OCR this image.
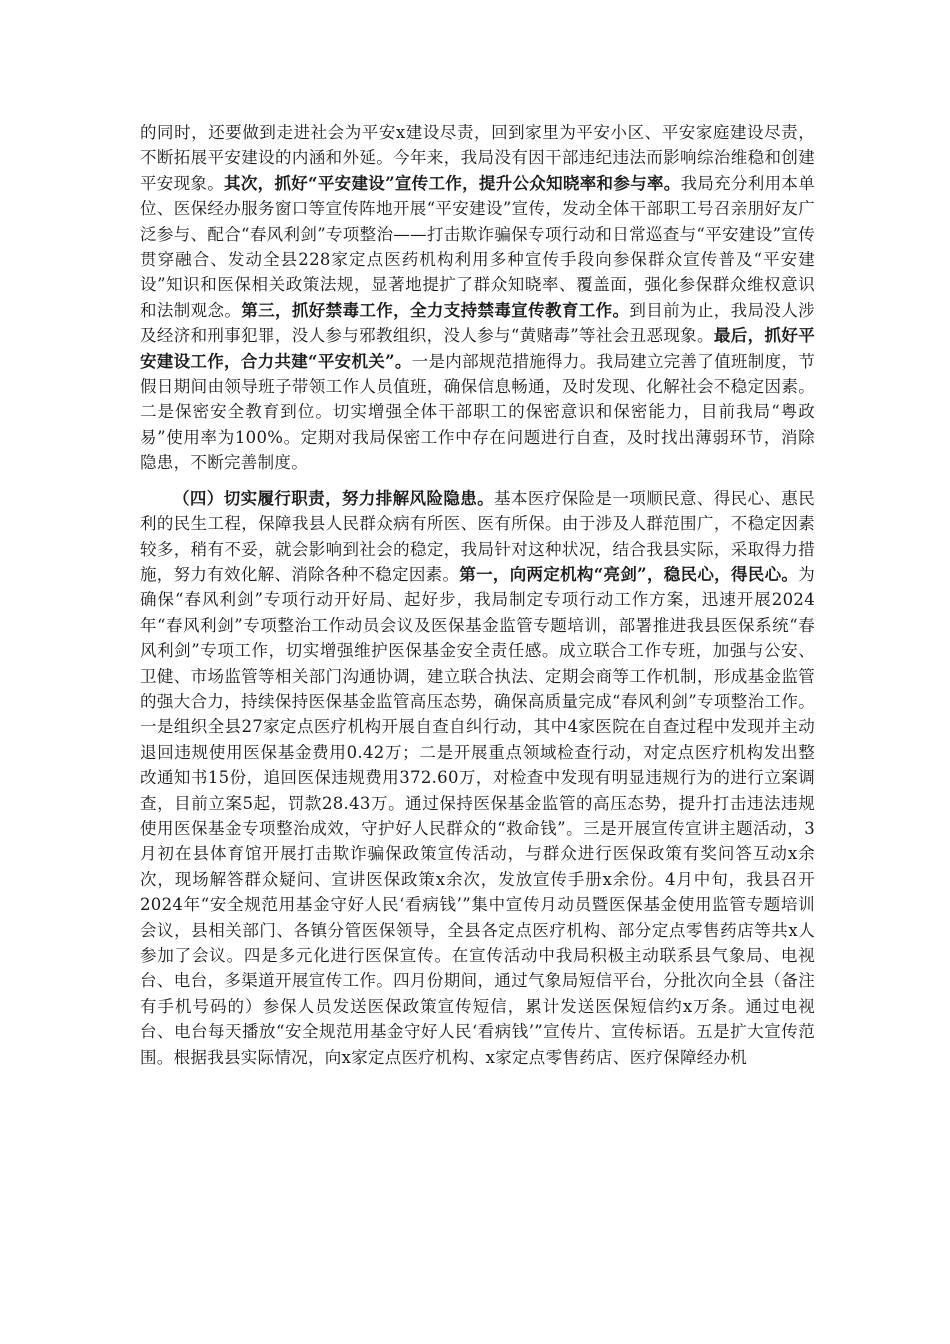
的同时，还要做到走进社会为平安x建设尽责，回到家里为平安小区、平安家庭建设尽责，不断拓展平安建设的内涵和外延。今年来，我局没有因干部违纪违法而影响综治维稳和创建平安现象。其次，抓好“平安建设”宣传工作，提升公众知晓率和参与率。我局充分利用本单位、医保经办服务窗口等宣传阵地开展“平安建设”宣传，发动全体干部职工号召亲朋好友广泛参与、配合“春风利剑”专项整治——打击欺诈骗保专项行动和日常巡查与“平安建设”宣传贯穿融合、发动全县228家定点医药机构利用多种宣传手段向参保群众宣传普及“平安建设”知识和医保相关政策法规，显著地提扩了群众知晓率、覆盖面，强化参保群众维权意识和法制观念。第三，抓好禁毒工作，全力支持禁毒宣传教育工作。到目前为止，我局没人涉及经济和刑事犯罪，没人参与邪教组织，没人参与“黄赌毒”等社会丑恶现象。最后，抓好平安建设工作，合力共建“平安机关”。一是内部规范措施得力。我局建立完善了值班制度，节假日期间由领导班子带领工作人员值班，确保信息畅通，及时发现、化解社会不稳定因素。二是保密安全教育到位。切实增强全体干部职工的保密意识和保密能力，目前我局“粤政易”使用率为100%。定期对我局保密工作中存在问题进行自查，及时找出薄弱环节，消除隐患，不断完善制度。

（四）切实履行职责，努力排解风险隐患。基本医疗保险是一项顺民意、得民心、惠民利的民生工程，保障我县人民群众病有所医、医有所保。由于涉及人群范围广，不稳定因素较多，稍有不妥，就会影响到社会的稳定，我局针对这种状况，结合我县实际，采取得力措施，努力有效化解、消除各种不稳定因素。第一，向两定机构“亮剑”，稳民心，得民心。为确保“春风利剑”专项行动开好局、起好步，我局制定专项行动工作方案，迅速开展2024年“春风利剑”专项整治工作动员会议及医保基金监管专题培训，部署推进我县医保系统“春风利剑”专项工作，切实增强维护医保基金安全责任感。成立联合工作专班，加强与公安、卫健、市场监管等相关部门沟通协调，建立联合执法、定期会商等工作机制，形成基金监管的强大合力，持续保持医保基金监管高压态势，确保高质量完成“春风利剑”专项整治工作。一是组织全县27家定点医疗机构开展自查自纠行动，其中4家医院在自查过程中发现并主动退回违规使用医保基金费用0.42万；二是开展重点领域检查行动，对定点医疗机构发出整改通知书15份，追回医保违规费用372.60万，对检查中发现有明显违规行为的进行立案调查，目前立案5起，罚款28.43万。通过保持医保基金监管的高压态势，提升打击违法违规使用医保基金专项整治成效，守护好人民群众的“救命钱”。三是开展宣传宣讲主题活动，3月初在县体育馆开展打击欺诈骗保政策宣传活动，与群众进行医保政策有奖问答互动x余次，现场解答群众疑问、宣讲医保政策x余次，发放宣传手册x余份。4月中旬，我县召开2024年“安全规范用基金守好人民‘看病钱’”集中宣传月动员暨医保基金使用监管专题培训会议，县相关部门、各镇分管医保领导，全县各定点医疗机构、部分定点零售药店等共x人参加了会议。四是多元化进行医保宣传。在宣传活动中我局积极主动联系县气象局、电视台、电台，多渠道开展宣传工作。四月份期间，通过气象局短信平台，分批次向全县（备注有手机号码的）参保人员发送医保政策宣传短信，累计发送医保短信约x万条。通过电视台、电台每天播放“安全规范用基金守好人民‘看病钱’”宣传片、宣传标语。五是扩大宣传范围。根据我县实际情况，向x家定点医疗机构、x家定点零售药店、医疗保障经办机
